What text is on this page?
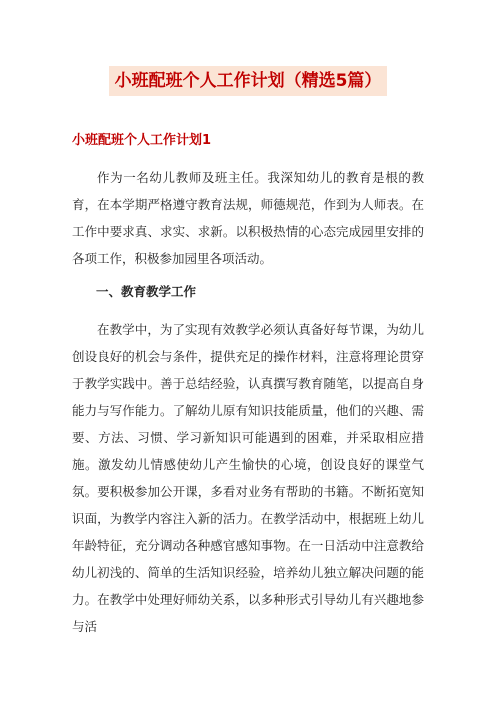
小班配班个人工作计划（精选5篇）
小班配班个人工作计划1

作为一名幼儿教师及班主任。我深知幼儿的教育是根的教育，在本学期严格遵守教育法规，师德规范，作到为人师表。在工作中要求真、求实、求新。以积极热情的心态完成园里安排的各项工作，积极参加园里各项活动。

一、教育教学工作

在教学中，为了实现有效教学必须认真备好每节课，为幼儿创设良好的机会与条件，提供充足的操作材料，注意将理论贯穿于教学实践中。善于总结经验，认真撰写教育随笔，以提高自身能力与写作能力。了解幼儿原有知识技能质量，他们的兴趣、需要、方法、习惯、学习新知识可能遇到的困难，并采取相应措施。激发幼儿情感使幼儿产生愉快的心境，创设良好的课堂气氛。要积极参加公开课，多看对业务有帮助的书籍。不断拓宽知识面，为教学内容注入新的活力。在教学活动中，根据班上幼儿年龄特征，充分调动各种感官感知事物。在一日活动中注意教给幼儿初浅的、简单的生活知识经验，培养幼儿独立解决问题的能力。在教学中处理好师幼关系，以多种形式引导幼儿有兴趣地参与活
